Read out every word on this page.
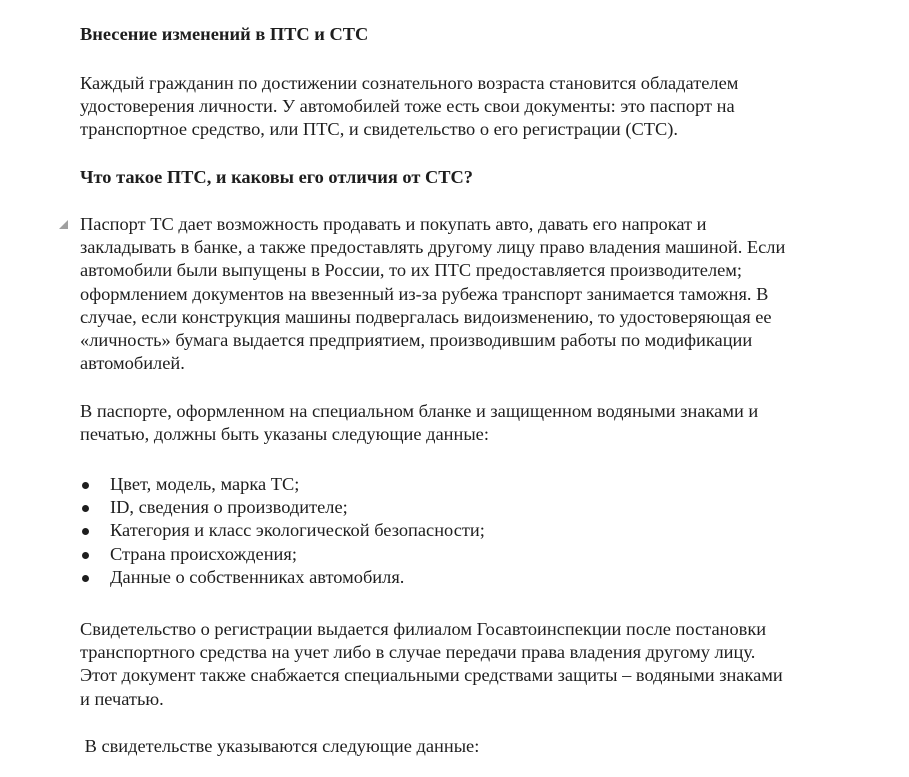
Внесение изменений в ПТС и СТС
Каждый гражданин по достижении сознательного возраста становится обладателем
удостоверения личности. У автомобилей тоже есть свои документы: это паспорт на
транспортное средство, или ПТС, и свидетельство о его регистрации (СТС).
Что такое ПТС, и каковы его отличия от СТС?
Паспорт ТС дает возможность продавать и покупать авто, давать его напрокат и
закладывать в банке, а также предоставлять другому лицу право владения машиной. Если
автомобили были выпущены в России, то их ПТС предоставляется производителем;
оформлением документов на ввезенный из-за рубежа транспорт занимается таможня. В
случае, если конструкция машины подвергалась видоизменению, то удостоверяющая ее
«личность» бумага выдается предприятием, производившим работы по модификации
автомобилей.
В паспорте, оформленном на специальном бланке и защищенном водяными знаками и
печатью, должны быть указаны следующие данные:
Цвет, модель, марка ТС;
ID, сведения о производителе;
Категория и класс экологической безопасности;
Страна происхождения;
Данные о собственниках автомобиля.
Свидетельство о регистрации выдается филиалом Госавтоинспекции после постановки
транспортного средства на учет либо в случае передачи права владения другому лицу.
Этот документ также снабжается специальными средствами защиты – водяными знаками
и печатью.
В свидетельстве указываются следующие данные:
